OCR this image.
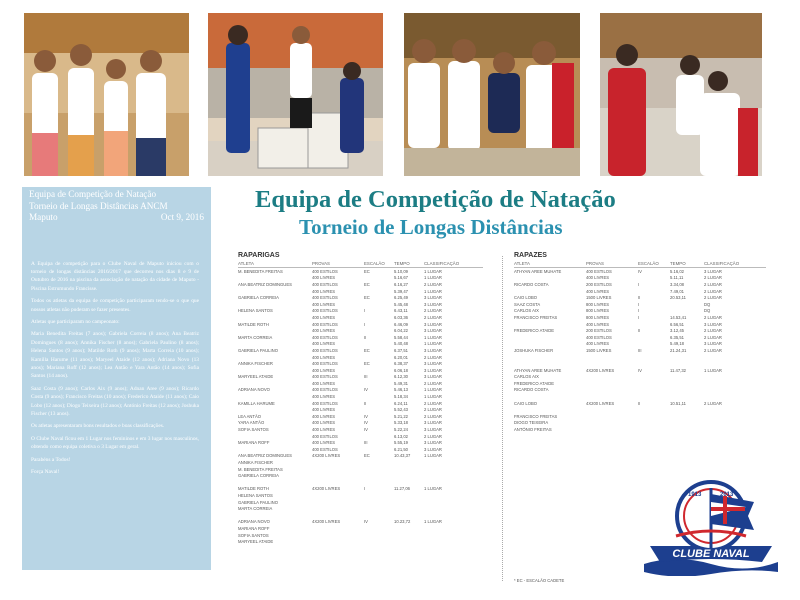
Equipa de Competição de Natação
Torneio de Longas Distâncias ANCM
Maputo	Oct 9, 2016

A Equipa de competição para o Clube Naval de Maputo iniciou com o torneio de longas distâncias 2016/2017 que decorreu nos dias 8 e 9 de Outubro de 2016 na piscina da associação de natação da cidade de Maputo - Piscina Estrumundo Francisse.

Todos os atletas da equipa de competição participaram tendo-se o que que nossos atletas não puderam se fazer presentes.

Atletas que participaram no campeonato:

Maria Benedita Freitas (7 anos); Gabriela Correia (8 anos); Ana Beatriz Domingues (8 anos); Annika Fischer (8 anos); Gabriela Paulino (8 anos); Helena Santos (9 anos); Matilde Roth (9 anos); Marta Correia (10 anos); Kamilla Harume (11 anos); Maryeel Ataide (12 anos); Adriana Novo (13 anos); Mariana Roff (12 anos); Lea Antão e Yara Antão (14 anos); Sofia Santos (14 anos).

Saaz Costa (9 anos); Carlos Aix (9 anos); Adnan Aree (9 anos); Ricardo Costa (9 anos); Francisco Freitas (10 anos); Frederico Ataide (11 anos); Caio Lobo (12 anos); Diogo Teixeira (12 anos); António Freitas (12 anos); Joshuka Fischer (13 anos).

Os atletas apresentaram bons resultados e boas classificações.

O Clube Naval ficou em 1 Lugar nos femininos e em 3 lugar nos masculinos, obtendo como equipa coletiva o 3 Lugar em geral.

Parabéns a Todos!

Força Naval!

Equipa de Competição de Natação
Torneio de Longas Distâncias
RAPARIGAS
ATLETA	PROVAS	ESCALÃO	TEMPO	CLASSIFICAÇÃO
M. BENEDITA FREITAS	400 ESTILOS	EC	5.10,09	1 LUGAR
400 LIVRES	5.16,67	1 LUGAR
ANA BEATRIZ DOMINGUES	400 ESTILOS	EC	6.16,27	2 LUGAR
400 LIVRES	5.39,47	1 LUGAR
GABRIELA CORREIA	400 ESTILOS	EC	6.25,49	3 LUGAR
400 LIVRES	5.45,48	3 LUGAR
HELENA SANTOS	400 ESTILOS	I	6.43,11	2 LUGAR
400 LIVRES	6.03,36	2 LUGAR
MATILDE ROTH	400 ESTILOS	I	6.46,09	3 LUGAR
400 LIVRES	6.04,22	3 LUGAR
MARTA CORREIA	400 ESTILOS	II	5.58,44	1 LUGAR
400 LIVRES	5.40,48	1 LUGAR
GABRIELA PAULINO	400 ESTILOS	EC	6.37,51	3 LUGAR
400 LIVRES	6.20,01	2 LUGAR
ANNIKA FISCHER	400 ESTILOS	EC	6.38,37	3 LUGAR
400 LIVRES	6.06,18	3 LUGAR
MARYEEL ATAIDE	400 ESTILOS	III	6.12,30	3 LUGAR
400 LIVRES	5.49,31	2 LUGAR
ADRIANA NOVO	400 ESTILOS	IV	5.46,13	1 LUGAR
400 LIVRES	5.18,34	1 LUGAR
KAMILLA HARUME	400 ESTILOS	II	6.24,11	2 LUGAR
400 LIVRES	5.52,43	2 LUGAR
LEA ANTÃO	400 LIVRES	IV	5.21,22	2 LUGAR
YARA ANTÃO	400 LIVRES	IV	5.33,18	3 LUGAR
SOFIA SANTOS	400 LIVRES	IV	5.22,24	3 LUGAR
400 ESTILOS	6.13,02	2 LUGAR
MARIANA ROFF	400 LIVRES	III	5.55,19	3 LUGAR
400 ESTILOS	6.21,50	3 LUGAR
ANA BEATRIZ DOMINGUES	4X200 LIVRES	EC	10.43,37	1 LUGAR
ANNIKA FISCHER
M. BENEDITA FREITAS
GABRIELA CORREIA
MATILDE ROTH	4X200 LIVRES	I	11.27,06	1 LUGAR
HELENA SANTOS
GABRIELA PAULINO
MARTA CORREIA
ADRIANA NOVO	4X200 LIVRES	IV	10.23,72	1 LUGAR
MARIANA ROFF
SOFIA SANTOS
MARYEEL ATAIDE
RAPAZES
ATLETA	PROVAS	ESCALÃO	TEMPO	CLASSIFICAÇÃO
ATHYAN AREE MUHATE	400 ESTILOS	IV	5.16,02	3 LUGAR
400 LIVRES	5.11,11	2 LUGAR
RICARDO COSTA	200 ESTILOS	I	3.34,08	2 LUGAR
400 LIVRES	7.49,01	2 LUGAR
CAIO LOBO	1500 LIVRES	II	20.53,11	2 LUGAR
SAAZ COSTA	800 LIVRES	I	DQ
CARLOS AIX	800 LIVRES	I	DQ
FRANCISCO FREITAS	800 LIVRES	I	14.53,41	2 LUGAR
400 LIVRES	6.56,51	3 LUGAR
FREDERICO ATAIDE	200 ESTILOS	II	3.12,45	2 LUGAR
400 ESTILOS	6.35,51	2 LUGAR
400 LIVRES	5.49,18	3 LUGAR
JOSHUKA FISCHER	1500 LIVRES	III	21.24,31	2 LUGAR
ATHYAN AREE MUHATE	4X200 LIVRES	IV	11.47,32	1 LUGAR
CARLOS AIX
FREDERICO ATAIDE
RICARDO COSTA
CAIO LOBO	4X200 LIVRES	II	10.51,11	2 LUGAR
FRANCISCO FREITAS
DIOGO TEIXEIRA
ANTÓNIO FREITAS
* EC - ESCALÃO CADETE
1913	2013
CLUBE NAVAL
